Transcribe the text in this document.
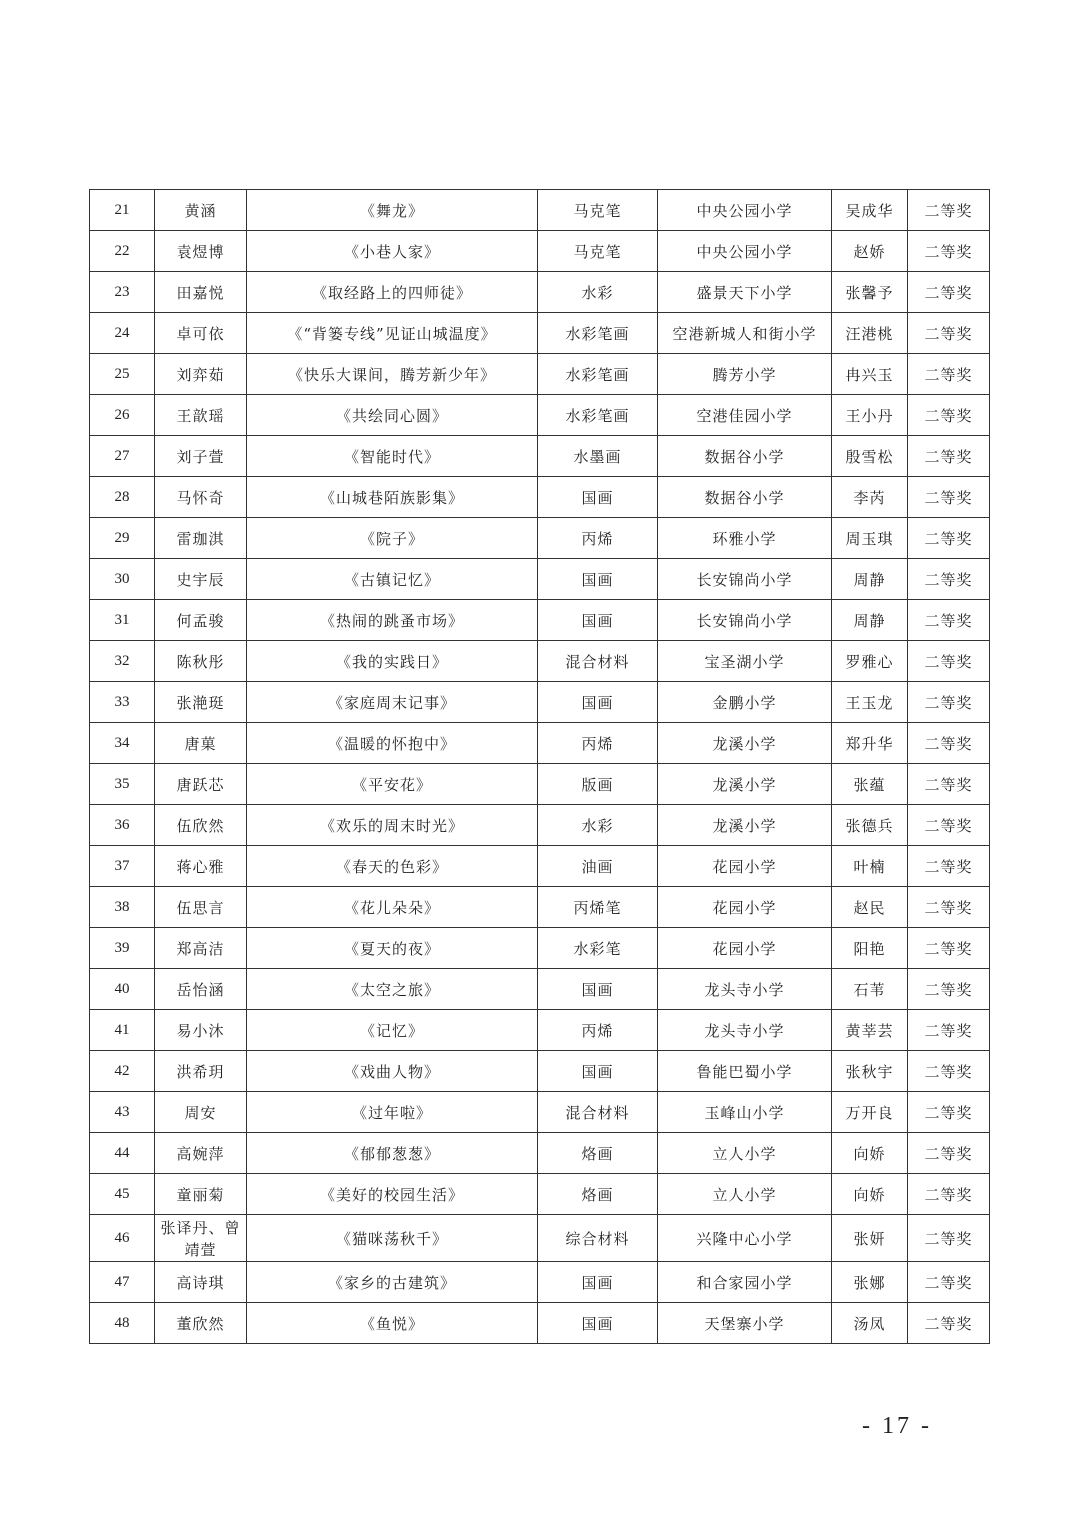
21	黄涵	《舞龙》	马克笔	中央公园小学	吴成华	二等奖
22	袁煜博	《小巷人家》	马克笔	中央公园小学	赵娇	二等奖
23	田嘉悦	《取经路上的四师徒》	水彩	盛景天下小学	张馨予	二等奖
24	卓可依	《“背篓专线”见证山城温度》	水彩笔画	空港新城人和街小学	汪港桃	二等奖
25	刘弈茹	《快乐大课间，腾芳新少年》	水彩笔画	腾芳小学	冉兴玉	二等奖
26	王歆瑶	《共绘同心圆》	水彩笔画	空港佳园小学	王小丹	二等奖
27	刘子萱	《智能时代》	水墨画	数据谷小学	殷雪松	二等奖
28	马怀奇	《山城巷陌族影集》	国画	数据谷小学	李芮	二等奖
29	雷珈淇	《院子》	丙烯	环雅小学	周玉琪	二等奖
30	史宇辰	《古镇记忆》	国画	长安锦尚小学	周静	二等奖
31	何孟骏	《热闹的跳蚤市场》	国画	长安锦尚小学	周静	二等奖
32	陈秋彤	《我的实践日》	混合材料	宝圣湖小学	罗雅心	二等奖
33	张滟珽	《家庭周末记事》	国画	金鹏小学	王玉龙	二等奖
34	唐菓	《温暖的怀抱中》	丙烯	龙溪小学	郑升华	二等奖
35	唐跃芯	《平安花》	版画	龙溪小学	张蕴	二等奖
36	伍欣然	《欢乐的周末时光》	水彩	龙溪小学	张德兵	二等奖
37	蒋心雅	《春天的色彩》	油画	花园小学	叶楠	二等奖
38	伍思言	《花儿朵朵》	丙烯笔	花园小学	赵民	二等奖
39	郑高洁	《夏天的夜》	水彩笔	花园小学	阳艳	二等奖
40	岳怡涵	《太空之旅》	国画	龙头寺小学	石苇	二等奖
41	易小沐	《记忆》	丙烯	龙头寺小学	黄莘芸	二等奖
42	洪希玥	《戏曲人物》	国画	鲁能巴蜀小学	张秋宇	二等奖
43	周安	《过年啦》	混合材料	玉峰山小学	万开良	二等奖
44	高婉萍	《郁郁葱葱》	烙画	立人小学	向娇	二等奖
45	童丽菊	《美好的校园生活》	烙画	立人小学	向娇	二等奖
46	张译丹、曾靖萱	《猫咪荡秋千》	综合材料	兴隆中心小学	张妍	二等奖
47	高诗琪	《家乡的古建筑》	国画	和合家园小学	张娜	二等奖
48	董欣然	《鱼悦》	国画	天堡寨小学	汤凤	二等奖
- 17 -
